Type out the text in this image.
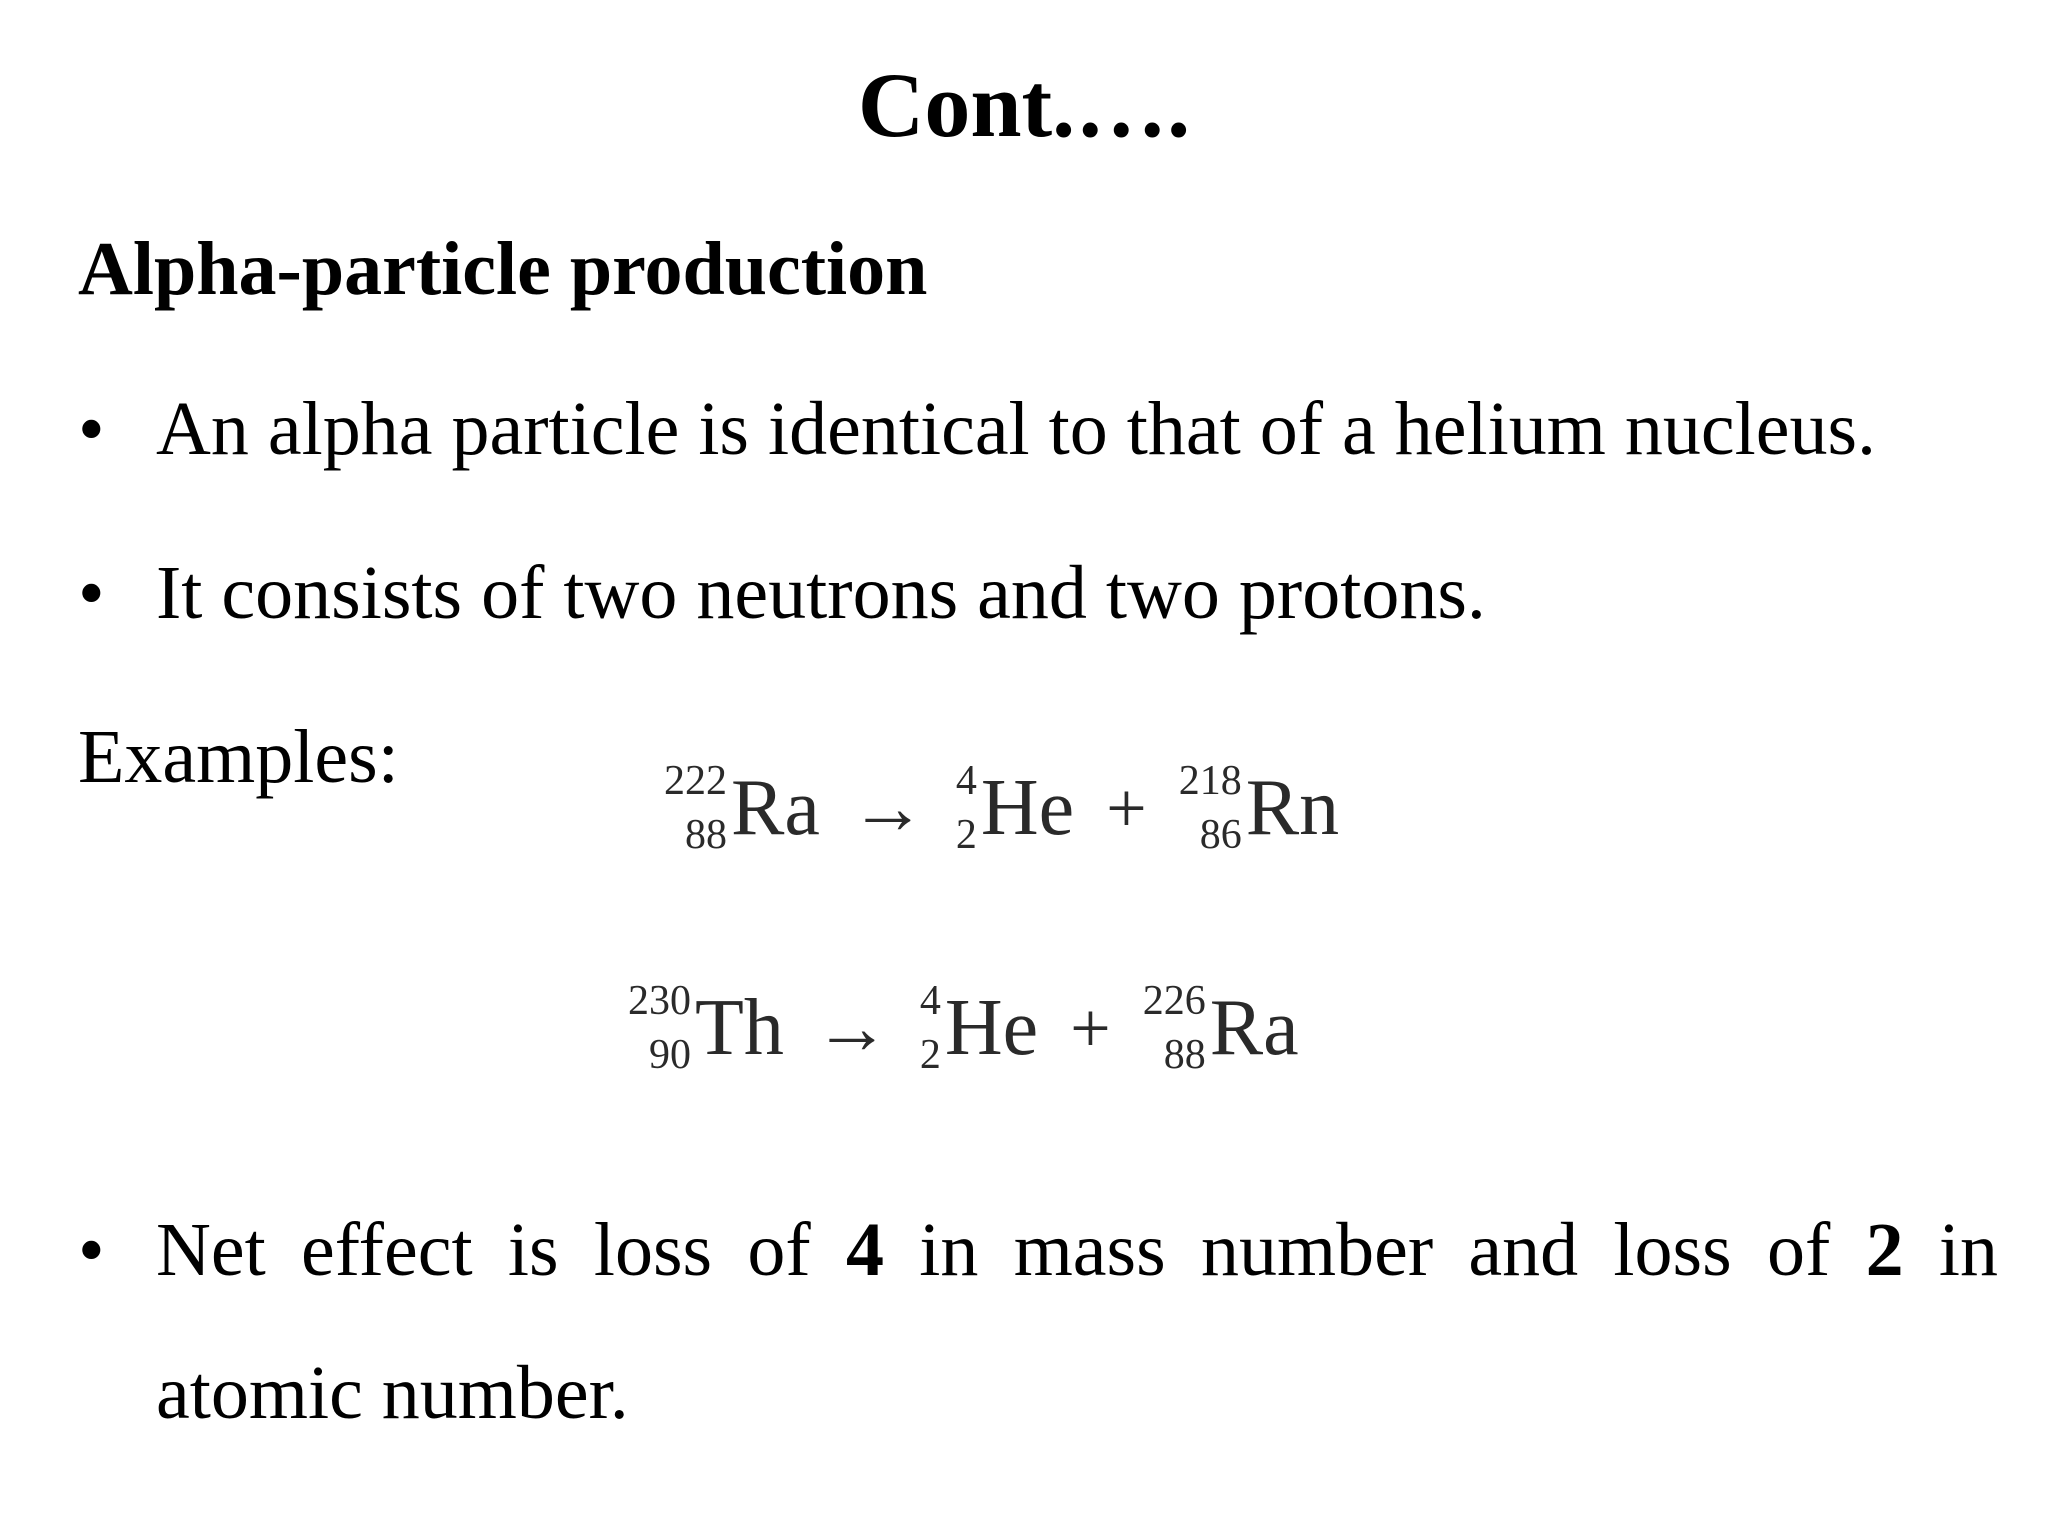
Cont.….
Alpha-particle production
• An alpha particle is identical to that of a helium nucleus.
• It consists of two neutrons and two protons.
Examples:	222
88 Ra → 4
2 He + 218
86 Rn
230
90 Th → 4
2 He + 226
88 Ra
• Net effect is loss of 4 in mass number and loss of 2 in
atomic number.
